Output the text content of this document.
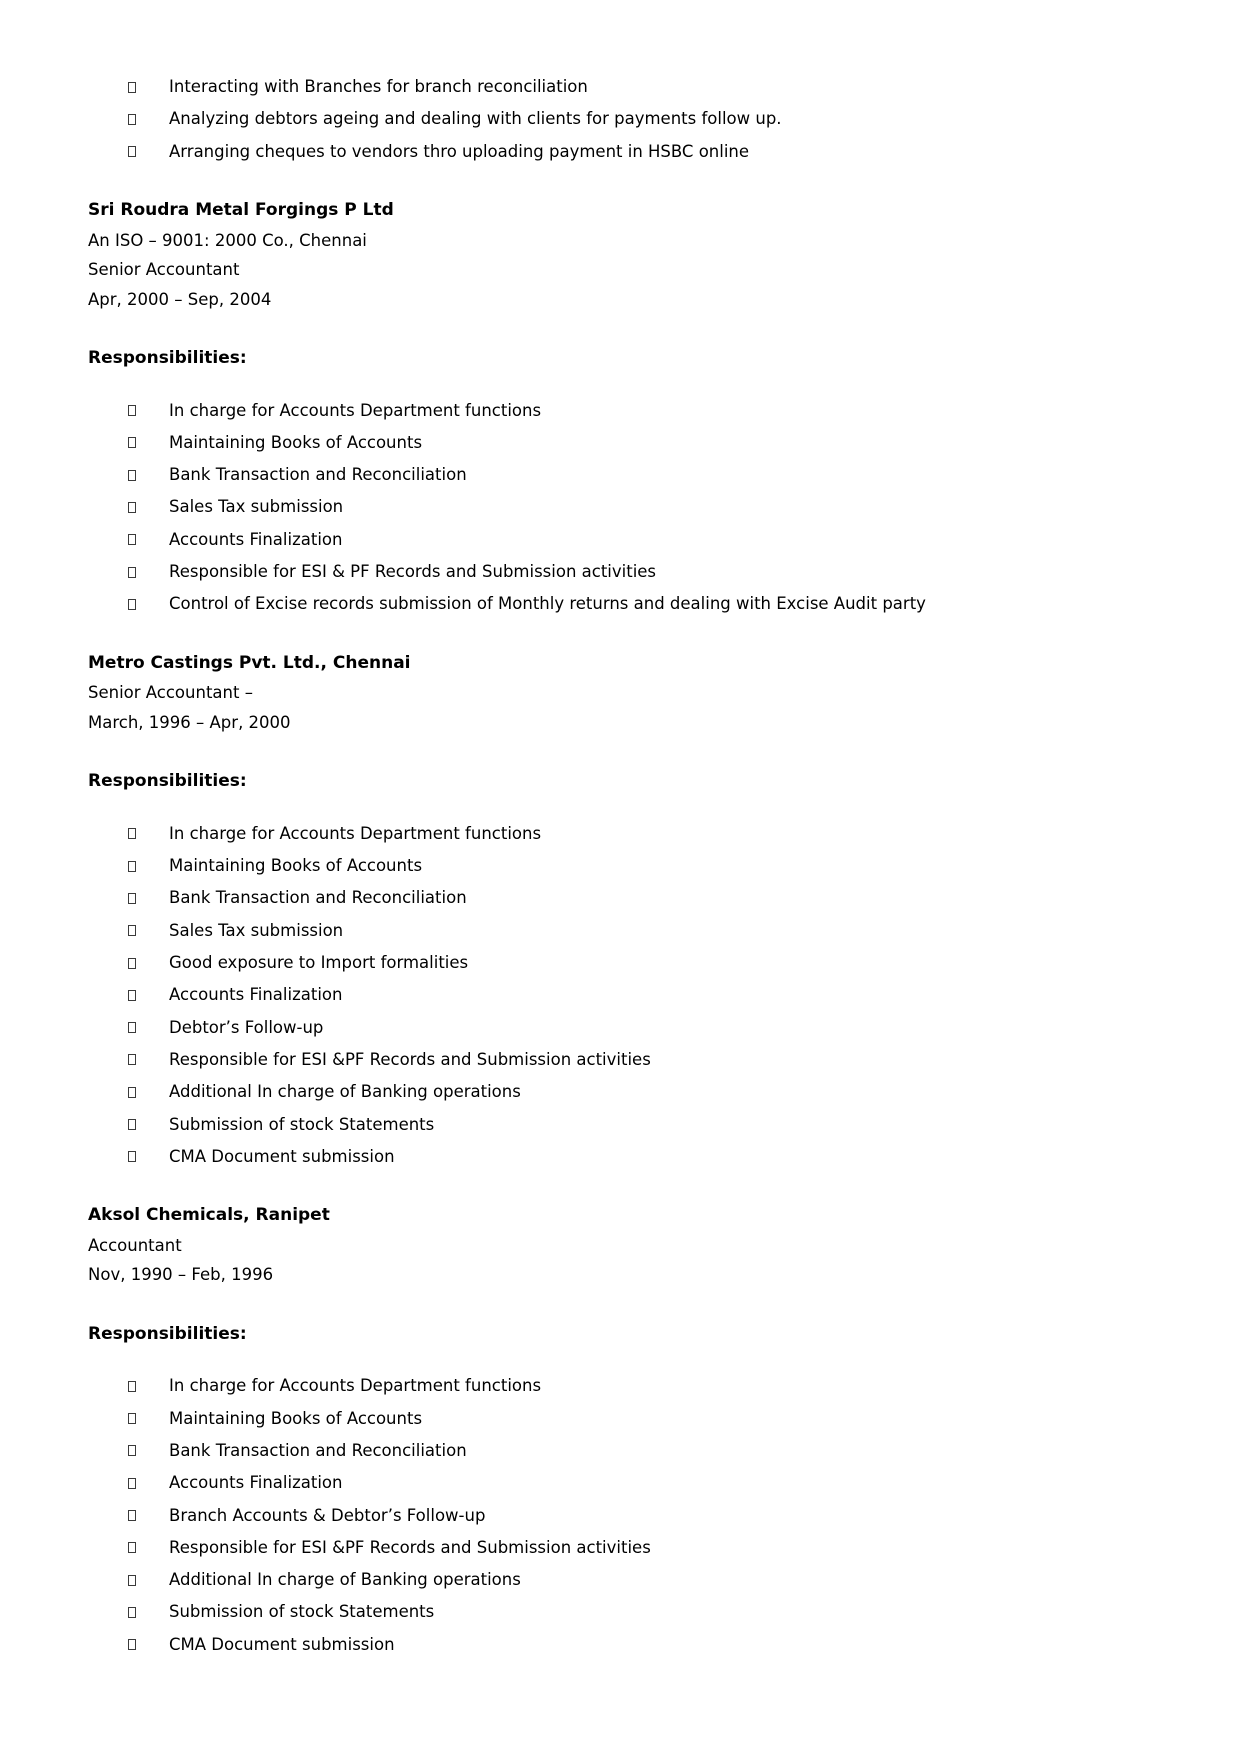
Interacting with Branches for branch reconciliation
Analyzing debtors ageing and dealing with clients for payments follow up.
Arranging cheques to vendors thro uploading payment in HSBC online
Sri Roudra Metal Forgings P Ltd
An ISO – 9001: 2000 Co., Chennai
Senior Accountant
Apr, 2000 – Sep, 2004
Responsibilities:
In charge for Accounts Department functions
Maintaining Books of Accounts
Bank Transaction and Reconciliation
Sales Tax submission
Accounts Finalization
Responsible for ESI & PF Records and Submission activities
Control of Excise records submission of Monthly returns and dealing with Excise Audit party
Metro Castings Pvt. Ltd., Chennai
Senior Accountant –
March, 1996 – Apr, 2000
Responsibilities:
In charge for Accounts Department functions
Maintaining Books of Accounts
Bank Transaction and Reconciliation
Sales Tax submission
Good exposure to Import formalities
Accounts Finalization
Debtor’s Follow-up
Responsible for ESI &PF Records and Submission activities
Additional In charge of Banking operations
Submission of stock Statements
CMA Document submission
Aksol Chemicals, Ranipet
Accountant
Nov, 1990 – Feb, 1996
Responsibilities:
In charge for Accounts Department functions
Maintaining Books of Accounts
Bank Transaction and Reconciliation
Accounts Finalization
Branch Accounts & Debtor’s Follow-up
Responsible for ESI &PF Records and Submission activities
Additional In charge of Banking operations
Submission of stock Statements
CMA Document submission
